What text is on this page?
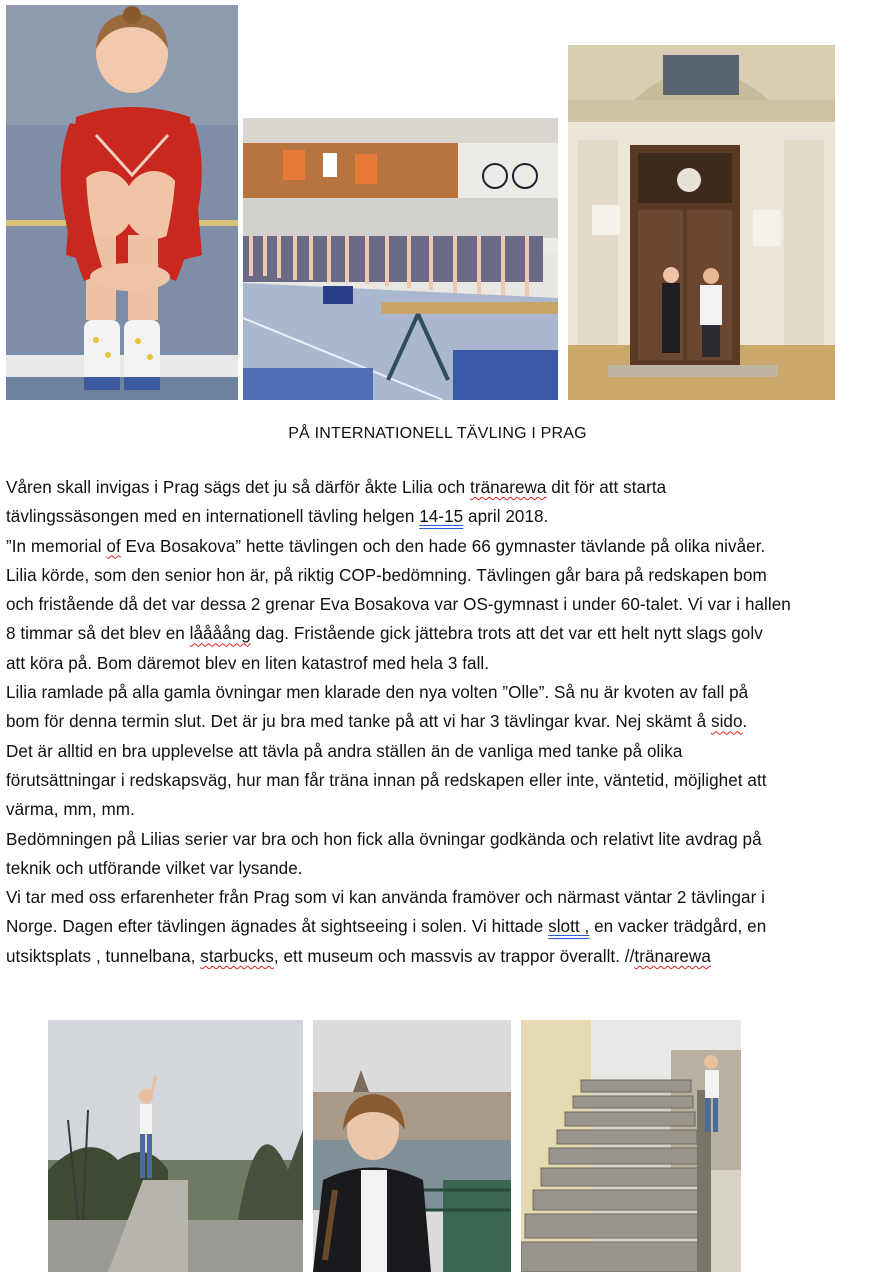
PÅ INTERNATIONELL TÄVLING I PRAG

Våren skall invigas i Prag sägs det ju så därför åkte Lilia och tränarewa dit för att starta

tävlingssäsongen med en internationell tävling helgen 14-15 april 2018.

”In memorial of Eva Bosakova” hette tävlingen och den hade 66 gymnaster tävlande på olika nivåer.

Lilia körde, som den senior hon är, på riktig COP-bedömning. Tävlingen går bara på redskapen bom

och fristående då det var dessa 2 grenar Eva Bosakova var OS-gymnast i under 60-talet. Vi var i hallen

8 timmar så det blev en låååång dag. Fristående gick jättebra trots att det var ett helt nytt slags golv

att köra på. Bom däremot blev en liten katastrof med hela 3 fall.

Lilia ramlade på alla gamla övningar men klarade den nya volten ”Olle”. Så nu är kvoten av fall på

bom för denna termin slut. Det är ju bra med tanke på att vi har 3 tävlingar kvar. Nej skämt å sido.

Det är alltid en bra upplevelse att tävla på andra ställen än de vanliga med tanke på olika

förutsättningar i redskapsväg, hur man får träna innan på redskapen eller inte, väntetid, möjlighet att

värma, mm, mm.

Bedömningen på Lilias serier var bra och hon fick alla övningar godkända och relativt lite avdrag på

teknik och utförande vilket var lysande.

Vi tar med oss erfarenheter från Prag som vi kan använda framöver och närmast väntar 2 tävlingar i

Norge. Dagen efter tävlingen ägnades åt sightseeing i solen. Vi hittade slott , en vacker trädgård, en

utsiktsplats , tunnelbana, starbucks, ett museum och massvis av trappor överallt. //tränarewa
